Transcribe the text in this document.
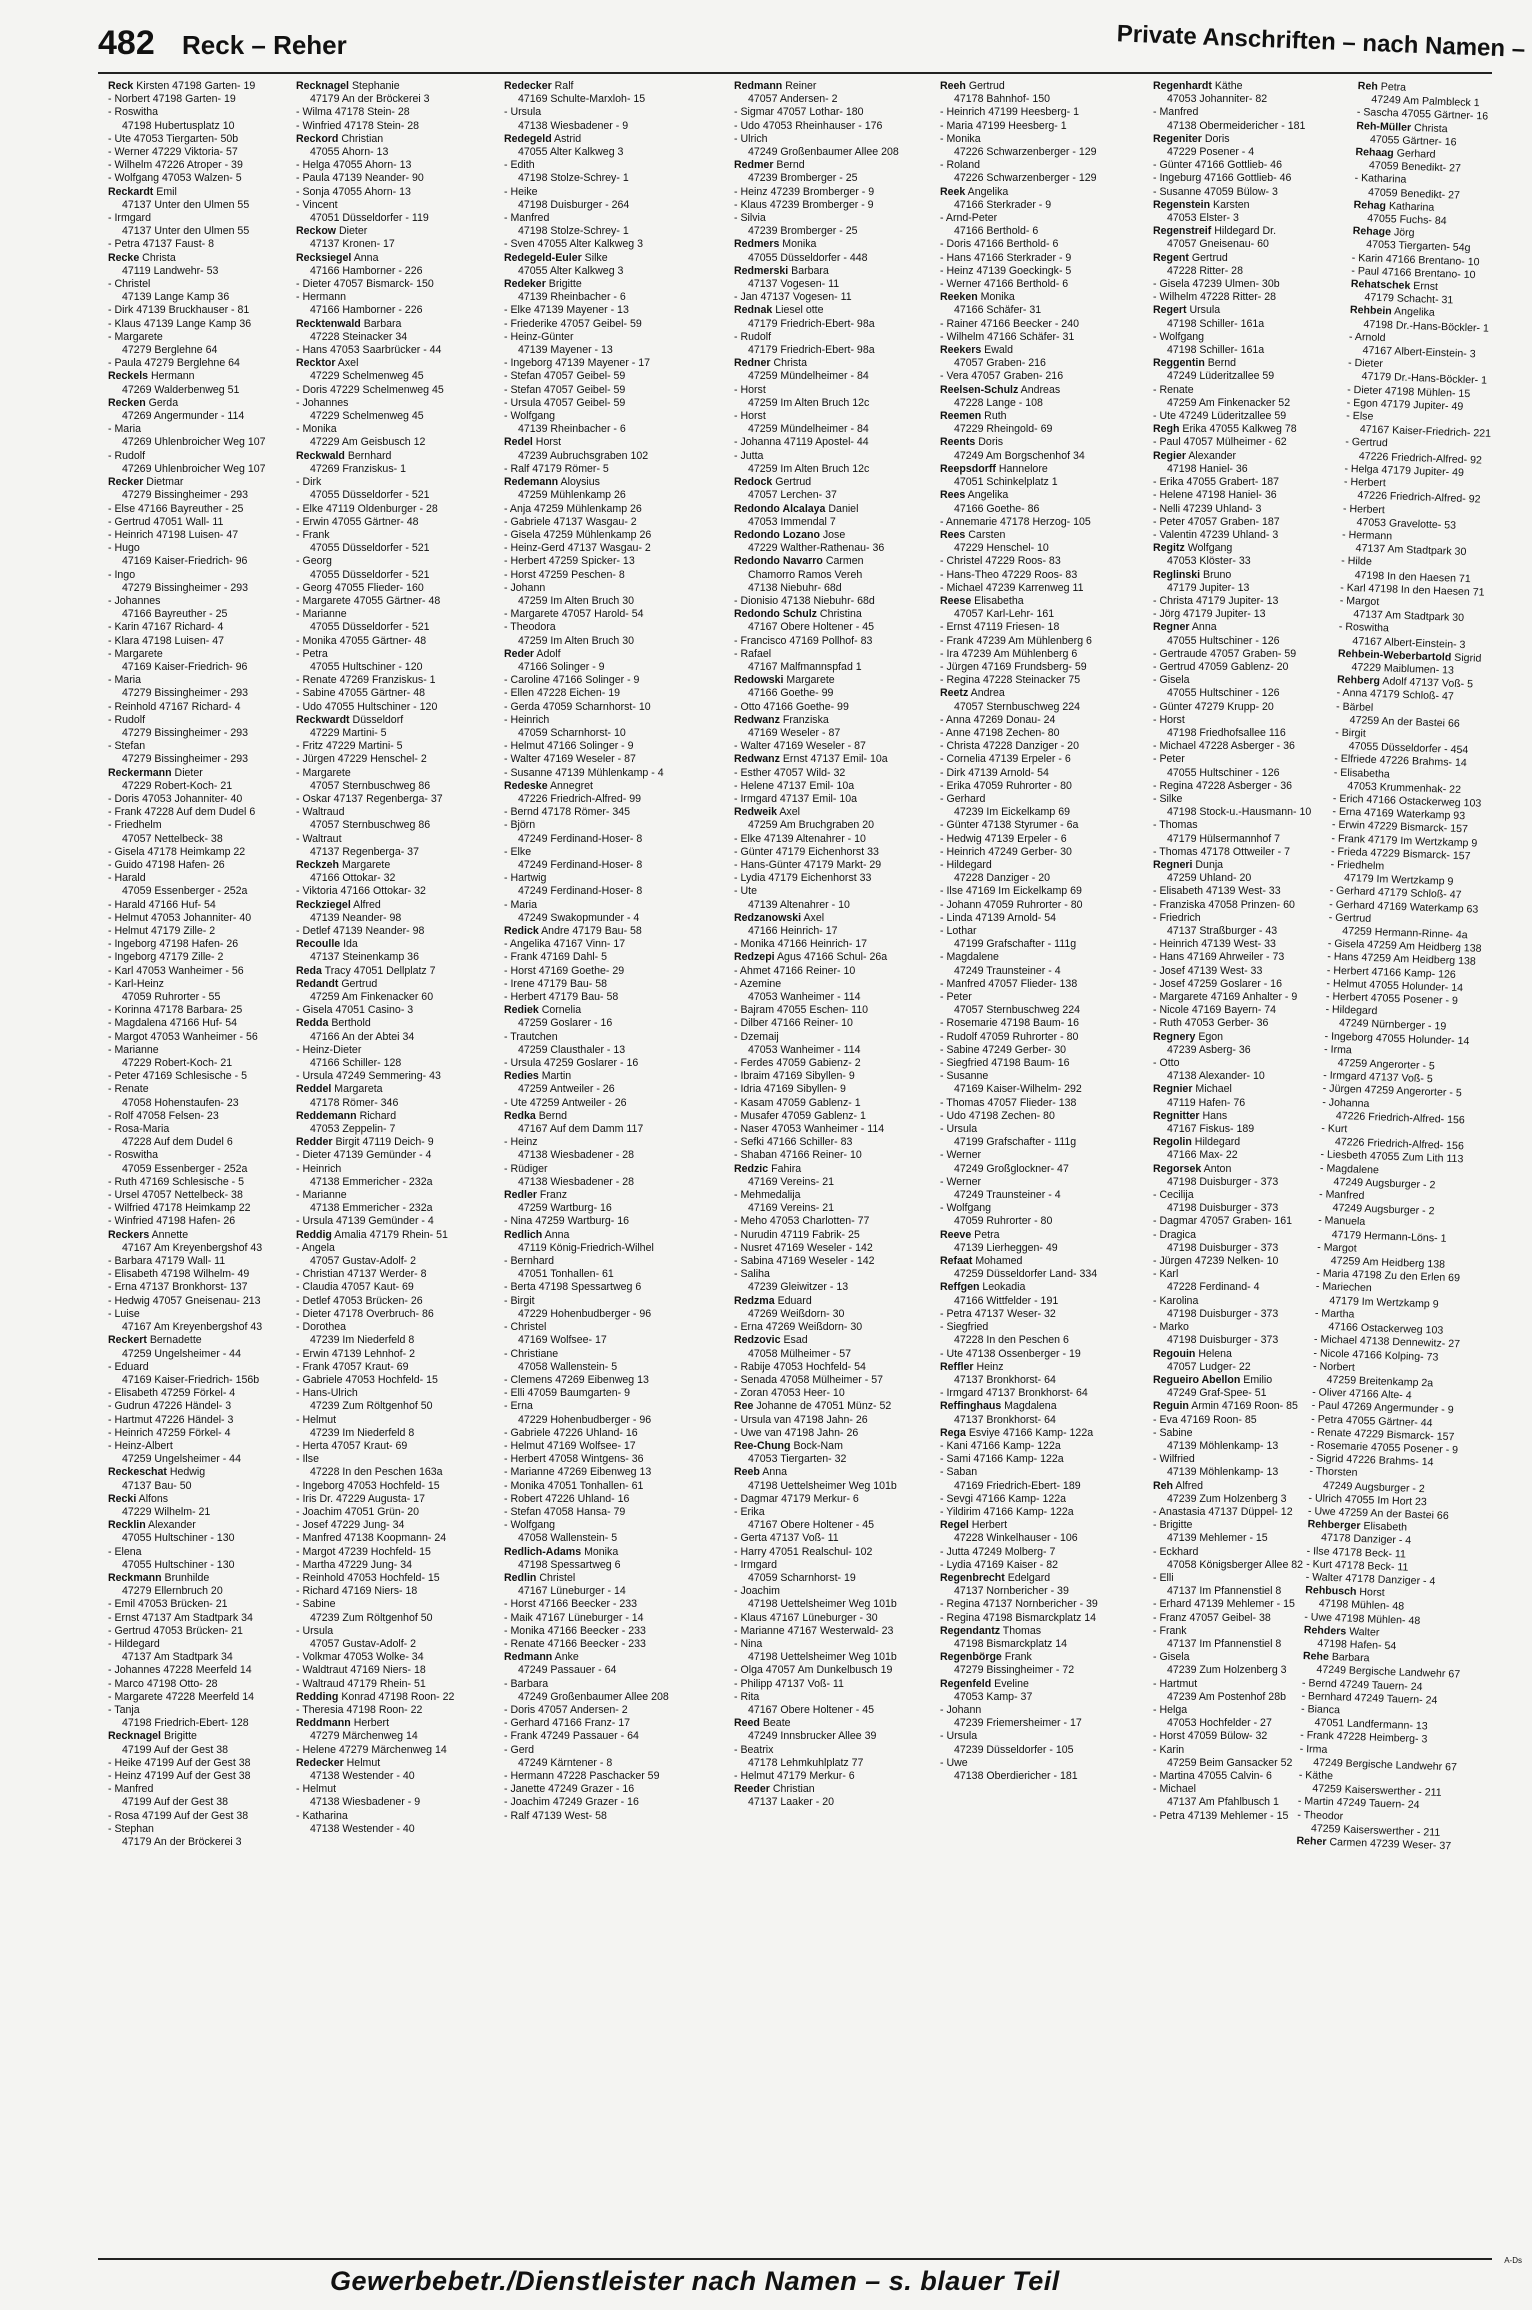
482 Reck – Reher	Private Anschriften – nach Namen –
Reck Kirsten 47198 Garten- 19
- Norbert 47198 Garten- 19
- Roswitha
47198 Hubertusplatz 10
- Ute 47053 Tiergarten- 50b
- Werner 47229 Viktoria- 57
- Wilhelm 47226 Atroper - 39
- Wolfgang 47053 Walzen- 5
Reckardt Emil
47137 Unter den Ulmen 55
- Irmgard
47137 Unter den Ulmen 55
- Petra 47137 Faust- 8
Recke Christa
47119 Landwehr- 53
- Christel
47139 Lange Kamp 36
- Dirk 47139 Bruckhauser - 81
- Klaus 47139 Lange Kamp 36
- Margarete
47279 Berglehne 64
- Paula 47279 Berglehne 64
Reckels Hermann
47269 Walderbenweg 51
Recken Gerda
47269 Angermunder - 114
- Maria
47269 Uhlenbroicher Weg 107
- Rudolf
47269 Uhlenbroicher Weg 107
Recker Dietmar
47279 Bissingheimer - 293
- Else 47166 Bayreuther - 25
- Gertrud 47051 Wall- 11
- Heinrich 47198 Luisen- 47
- Hugo
47169 Kaiser-Friedrich- 96
- Ingo
47279 Bissingheimer - 293
- Johannes
47166 Bayreuther - 25
- Karin 47167 Richard- 4
- Klara 47198 Luisen- 47
- Margarete
47169 Kaiser-Friedrich- 96
- Maria
47279 Bissingheimer - 293
- Reinhold 47167 Richard- 4
- Rudolf
47279 Bissingheimer - 293
- Stefan
47279 Bissingheimer - 293
Reckermann Dieter
47229 Robert-Koch- 21
- Doris 47053 Johanniter- 40
- Frank 47228 Auf dem Dudel 6
- Friedhelm
47057 Nettelbeck- 38
- Gisela 47178 Heimkamp 22
- Guido 47198 Hafen- 26
- Harald
47059 Essenberger - 252a
- Harald 47166 Huf- 54
- Helmut 47053 Johanniter- 40
- Helmut 47179 Zille- 2
- Ingeborg 47198 Hafen- 26
- Ingeborg 47179 Zille- 2
- Karl 47053 Wanheimer - 56
- Karl-Heinz
47059 Ruhrorter - 55
- Korinna 47178 Barbara- 25
- Magdalena 47166 Huf- 54
- Margot 47053 Wanheimer - 56
- Marianne
47229 Robert-Koch- 21
- Peter 47169 Schlesische - 5
- Renate
47058 Hohenstaufen- 23
- Rolf 47058 Felsen- 23
- Rosa-Maria
47228 Auf dem Dudel 6
- Roswitha
47059 Essenberger - 252a
- Ruth 47169 Schlesische - 5
- Ursel 47057 Nettelbeck- 38
- Wilfried 47178 Heimkamp 22
- Winfried 47198 Hafen- 26
Reckers Annette
47167 Am Kreyenbergshof 43
- Barbara 47179 Wall- 11
- Elisabeth 47198 Wilhelm- 49
- Erna 47137 Bronkhorst- 137
- Hedwig 47057 Gneisenau- 213
- Luise
47167 Am Kreyenbergshof 43
Reckert Bernadette
47259 Ungelsheimer - 44
- Eduard
47169 Kaiser-Friedrich- 156b
- Elisabeth 47259 Förkel- 4
- Gudrun 47226 Händel- 3
- Hartmut 47226 Händel- 3
- Heinrich 47259 Förkel- 4
- Heinz-Albert
47259 Ungelsheimer - 44
Reckeschat Hedwig
47137 Bau- 50
Recki Alfons
47229 Wilhelm- 21
Recklin Alexander
47055 Hultschiner - 130
- Elena
47055 Hultschiner - 130
Reckmann Brunhilde
47279 Ellernbruch 20
- Emil 47053 Brücken- 21
- Ernst 47137 Am Stadtpark 34
- Gertrud 47053 Brücken- 21
- Hildegard
47137 Am Stadtpark 34
- Johannes 47228 Meerfeld 14
- Marco 47198 Otto- 28
- Margarete 47228 Meerfeld 14
- Tanja
47198 Friedrich-Ebert- 128
Recknagel Brigitte
47199 Auf der Gest 38
- Heike 47199 Auf der Gest 38
- Heinz 47199 Auf der Gest 38
- Manfred
47199 Auf der Gest 38
- Rosa 47199 Auf der Gest 38
- Stephan
47179 An der Bröckerei 3
Recknagel Stephanie
47179 An der Bröckerei 3
- Wilma 47178 Stein- 28
- Winfried 47178 Stein- 28
Reckord Christian
47055 Ahorn- 13
- Helga 47055 Ahorn- 13
- Paula 47139 Neander- 90
- Sonja 47055 Ahorn- 13
- Vincent
47051 Düsseldorfer - 119
Reckow Dieter
47137 Kronen- 17
Recksiegel Anna
47166 Hamborner - 226
- Dieter 47057 Bismarck- 150
- Hermann
47166 Hamborner - 226
Recktenwald Barbara
47228 Steinacker 34
- Hans 47053 Saarbrücker - 44
Recktor Axel
47229 Schelmenweg 45
- Doris 47229 Schelmenweg 45
- Johannes
47229 Schelmenweg 45
- Monika
47229 Am Geisbusch 12
Reckwald Bernhard
47269 Franziskus- 1
- Dirk
47055 Düsseldorfer - 521
- Elke 47119 Oldenburger - 28
- Erwin 47055 Gärtner- 48
- Frank
47055 Düsseldorfer - 521
- Georg
47055 Düsseldorfer - 521
- Georg 47055 Flieder- 160
- Margarete 47055 Gärtner- 48
- Marianne
47055 Düsseldorfer - 521
- Monika 47055 Gärtner- 48
- Petra
47055 Hultschiner - 120
- Renate 47269 Franziskus- 1
- Sabine 47055 Gärtner- 48
- Udo 47055 Hultschiner - 120
Reckwardt Düsseldorf
47229 Martini- 5
- Fritz 47229 Martini- 5
- Jürgen 47229 Henschel- 2
- Margarete
47057 Sternbuschweg 86
- Oskar 47137 Regenberga- 37
- Waltraud
47057 Sternbuschweg 86
- Waltraut
47137 Regenberga- 37
Reckzeh Margarete
47166 Ottokar- 32
- Viktoria 47166 Ottokar- 32
Reckziegel Alfred
47139 Neander- 98
- Detlef 47139 Neander- 98
Recoulle Ida
47137 Steinenkamp 36
Reda Tracy 47051 Dellplatz 7
Redandt Gertrud
47259 Am Finkenacker 60
- Gisela 47051 Casino- 3
Redda Berthold
47166 An der Abtei 34
- Heinz-Dieter
47166 Schiller- 128
- Ursula 47249 Semmering- 43
Reddel Margareta
47178 Römer- 346
Reddemann Richard
47053 Zeppelin- 7
Redder Birgit 47119 Deich- 9
- Dieter 47139 Gemünder - 4
- Heinrich
47138 Emmericher - 232a
- Marianne
47138 Emmericher - 232a
- Ursula 47139 Gemünder - 4
Reddig Amalia 47179 Rhein- 51
- Angela
47057 Gustav-Adolf- 2
- Christian 47137 Werder- 8
- Claudia 47057 Kaut- 69
- Detlef 47053 Brücken- 26
- Dieter 47178 Overbruch- 86
- Dorothea
47239 Im Niederfeld 8
- Erwin 47139 Lehnhof- 2
- Frank 47057 Kraut- 69
- Gabriele 47053 Hochfeld- 15
- Hans-Ulrich
47239 Zum Röltgenhof 50
- Helmut
47239 Im Niederfeld 8
- Herta 47057 Kraut- 69
- Ilse
47228 In den Peschen 163a
- Ingeborg 47053 Hochfeld- 15
- Iris Dr. 47229 Augusta- 17
- Joachim 47051 Grün- 20
- Josef 47229 Jung- 34
- Manfred 47138 Koopmann- 24
- Margot 47239 Hochfeld- 15
- Martha 47229 Jung- 34
- Reinhold 47053 Hochfeld- 15
- Richard 47169 Niers- 18
- Sabine
47239 Zum Röltgenhof 50
- Ursula
47057 Gustav-Adolf- 2
- Volkmar 47053 Wolke- 34
- Waldtraut 47169 Niers- 18
- Waltraud 47179 Rhein- 51
Redding Konrad 47198 Roon- 22
- Theresia 47198 Roon- 22
Reddmann Herbert
47279 Märchenweg 14
- Helene 47279 Märchenweg 14
Redecker Helmut
47138 Westender - 40
- Helmut
47138 Wiesbadener - 9
- Katharina
47138 Westender - 40
Redecker Ralf
47169 Schulte-Marxloh- 15
- Ursula
47138 Wiesbadener - 9
Redegeld Astrid
47055 Alter Kalkweg 3
- Edith
47198 Stolze-Schrey- 1
- Heike
47198 Duisburger - 264
- Manfred
47198 Stolze-Schrey- 1
- Sven 47055 Alter Kalkweg 3
Redegeld-Euler Silke
47055 Alter Kalkweg 3
Redeker Brigitte
47139 Rheinbacher - 6
- Elke 47139 Mayener - 13
- Friederike 47057 Geibel- 59
- Heinz-Günter
47139 Mayener - 13
- Ingeborg 47139 Mayener - 17
- Stefan 47057 Geibel- 59
- Stefan 47057 Geibel- 59
- Ursula 47057 Geibel- 59
- Wolfgang
47139 Rheinbacher - 6
Redel Horst
47239 Aubruchsgraben 102
- Ralf 47179 Römer- 5
Redemann Aloysius
47259 Mühlenkamp 26
- Anja 47259 Mühlenkamp 26
- Gabriele 47137 Wasgau- 2
- Gisela 47259 Mühlenkamp 26
- Heinz-Gerd 47137 Wasgau- 2
- Herbert 47259 Spicker- 13
- Horst 47259 Peschen- 8
- Johann
47259 Im Alten Bruch 30
- Margarete 47057 Harold- 54
- Theodora
47259 Im Alten Bruch 30
Reder Adolf
47166 Solinger - 9
- Caroline 47166 Solinger - 9
- Ellen 47228 Eichen- 19
- Gerda 47059 Scharnhorst- 10
- Heinrich
47059 Scharnhorst- 10
- Helmut 47166 Solinger - 9
- Walter 47169 Weseler - 87
- Susanne 47139 Mühlenkamp - 4
Redeske Annegret
47226 Friedrich-Alfred- 99
- Bernd 47178 Römer- 345
- Björn
47249 Ferdinand-Hoser- 8
- Elke
47249 Ferdinand-Hoser- 8
- Hartwig
47249 Ferdinand-Hoser- 8
- Maria
47249 Swakopmunder - 4
Redick Andre 47179 Bau- 58
- Angelika 47167 Vinn- 17
- Frank 47169 Dahl- 5
- Horst 47169 Goethe- 29
- Irene 47179 Bau- 58
- Herbert 47179 Bau- 58
Rediek Cornelia
47259 Goslarer - 16
- Trautchen
47259 Clausthaler - 13
- Ursula 47259 Goslarer - 16
Redies Martin
47259 Antweiler - 26
- Ute 47259 Antweiler - 26
Redka Bernd
47167 Auf dem Damm 117
- Heinz
47138 Wiesbadener - 28
- Rüdiger
47138 Wiesbadener - 28
Redler Franz
47259 Wartburg- 16
- Nina 47259 Wartburg- 16
Redlich Anna
47119 König-Friedrich-Wilhel
- Bernhard
47051 Tonhallen- 61
- Berta 47198 Spessartweg 6
- Birgit
47229 Hohenbudberger - 96
- Christel
47169 Wolfsee- 17
- Christiane
47058 Wallenstein- 5
- Clemens 47269 Eibenweg 13
- Elli 47059 Baumgarten- 9
- Erna
47229 Hohenbudberger - 96
- Gabriele 47226 Uhland- 16
- Helmut 47169 Wolfsee- 17
- Herbert 47058 Wintgens- 36
- Marianne 47269 Eibenweg 13
- Monika 47051 Tonhallen- 61
- Robert 47226 Uhland- 16
- Stefan 47058 Hansa- 79
- Wolfgang
47058 Wallenstein- 5
Redlich-Adams Monika
47198 Spessartweg 6
Redlin Christel
47167 Lüneburger - 14
- Horst 47166 Beecker - 233
- Maik 47167 Lüneburger - 14
- Monika 47166 Beecker - 233
- Renate 47166 Beecker - 233
Redmann Anke
47249 Passauer - 64
- Barbara
47249 Großenbaumer Allee 208
- Doris 47057 Andersen- 2
- Gerhard 47166 Franz- 17
- Frank 47249 Passauer - 64
- Gerd
47249 Kärntener - 8
- Hermann 47228 Paschacker 59
- Janette 47249 Grazer - 16
- Joachim 47249 Grazer - 16
- Ralf 47139 West- 58
Redmann Reiner
47057 Andersen- 2
- Sigmar 47057 Lothar- 180
- Udo 47053 Rheinhauser - 176
- Ulrich
47249 Großenbaumer Allee 208
Redmer Bernd
47239 Bromberger - 25
- Heinz 47239 Bromberger - 9
- Klaus 47239 Bromberger - 9
- Silvia
47239 Bromberger - 25
Redmers Monika
47055 Düsseldorfer - 448
Redmerski Barbara
47137 Vogesen- 11
- Jan 47137 Vogesen- 11
Rednak Liesel otte
47179 Friedrich-Ebert- 98a
- Rudolf
47179 Friedrich-Ebert- 98a
Redner Christa
47259 Mündelheimer - 84
- Horst
47259 Im Alten Bruch 12c
- Horst
47259 Mündelheimer - 84
- Johanna 47119 Apostel- 44
- Jutta
47259 Im Alten Bruch 12c
Redock Gertrud
47057 Lerchen- 37
Redondo Alcalaya Daniel
47053 Immendal 7
Redondo Lozano Jose
47229 Walther-Rathenau- 36
Redondo Navarro Carmen
Chamorro Ramos Vereh
47138 Niebuhr- 68d
- Dionisio 47138 Niebuhr- 68d
Redondo Schulz Christina
47167 Obere Holtener - 45
- Francisco 47169 Pollhof- 83
- Rafael
47167 Malfmannspfad 1
Redowski Margarete
47166 Goethe- 99
- Otto 47166 Goethe- 99
Redwanz Franziska
47169 Weseler - 87
- Walter 47169 Weseler - 87
Redwanz Ernst 47137 Emil- 10a
- Esther 47057 Wild- 32
- Helene 47137 Emil- 10a
- Irmgard 47137 Emil- 10a
Redweik Axel
47259 Am Bruchgraben 20
- Elke 47139 Altenahrer - 10
- Günter 47179 Eichenhorst 33
- Hans-Günter 47179 Markt- 29
- Lydia 47179 Eichenhorst 33
- Ute
47139 Altenahrer - 10
Redzanowski Axel
47166 Heinrich- 17
- Monika 47166 Heinrich- 17
Redzepi Agus 47166 Schul- 26a
- Ahmet 47166 Reiner- 10
- Azemine
47053 Wanheimer - 114
- Bajram 47055 Eschen- 110
- Dilber 47166 Reiner- 10
- Dzemaij
47053 Wanheimer - 114
- Ferdes 47059 Gabienz- 2
- Ibraim 47169 Sibyllen- 9
- Idria 47169 Sibyllen- 9
- Kasam 47059 Gablenz- 1
- Musafer 47059 Gablenz- 1
- Naser 47053 Wanheimer - 114
- Sefki 47166 Schiller- 83
- Shaban 47166 Reiner- 10
Redzic Fahira
47169 Vereins- 21
- Mehmedalija
47169 Vereins- 21
- Meho 47053 Charlotten- 77
- Nurudin 47119 Fabrik- 25
- Nusret 47169 Weseler - 142
- Sabina 47169 Weseler - 142
- Saliha
47239 Gleiwitzer - 13
Redzma Eduard
47269 Weißdorn- 30
- Erna 47269 Weißdorn- 30
Redzovic Esad
47058 Mülheimer - 57
- Rabije 47053 Hochfeld- 54
- Senada 47058 Mülheimer - 57
- Zoran 47053 Heer- 10
Ree Johanne de 47051 Münz- 52
- Ursula van 47198 Jahn- 26
- Uwe van 47198 Jahn- 26
Ree-Chung Bock-Nam
47053 Tiergarten- 32
Reeb Anna
47198 Uettelsheimer Weg 101b
- Dagmar 47179 Merkur- 6
- Erika
47167 Obere Holtener - 45
- Gerta 47137 Voß- 11
- Harry 47051 Realschul- 102
- Irmgard
47059 Scharnhorst- 19
- Joachim
47198 Uettelsheimer Weg 101b
- Klaus 47167 Lüneburger - 30
- Marianne 47167 Westerwald- 23
- Nina
47198 Uettelsheimer Weg 101b
- Olga 47057 Am Dunkelbusch 19
- Philipp 47137 Voß- 11
- Rita
47167 Obere Holtener - 45
Reed Beate
47249 Innsbrucker Allee 39
- Beatrix
47178 Lehmkuhlplatz 77
- Helmut 47179 Merkur- 6
Reeder Christian
47137 Laaker - 20
Reeh Gertrud
47178 Bahnhof- 150
- Heinrich 47199 Heesberg- 1
- Maria 47199 Heesberg- 1
- Monika
47226 Schwarzenberger - 129
- Roland
47226 Schwarzenberger - 129
Reek Angelika
47166 Sterkrader - 9
- Arnd-Peter
47166 Berthold- 6
- Doris 47166 Berthold- 6
- Hans 47166 Sterkrader - 9
- Heinz 47139 Goeckingk- 5
- Werner 47166 Berthold- 6
Reeken Monika
47166 Schäfer- 31
- Rainer 47166 Beecker - 240
- Wilhelm 47166 Schäfer- 31
Reekers Ewald
47057 Graben- 216
- Vera 47057 Graben- 216
Reelsen-Schulz Andreas
47228 Lange - 108
Reemen Ruth
47229 Rheingold- 69
Reents Doris
47249 Am Borgschenhof 34
Reepsdorff Hannelore
47051 Schinkelplatz 1
Rees Angelika
47166 Goethe- 86
- Annemarie 47178 Herzog- 105
Rees Carsten
47229 Henschel- 10
- Christel 47229 Roos- 83
- Hans-Theo 47229 Roos- 83
- Michael 47239 Karrenweg 11
Reese Elisabetha
47057 Karl-Lehr- 161
- Ernst 47119 Friesen- 18
- Frank 47239 Am Mühlenberg 6
- Ira 47239 Am Mühlenberg 6
- Jürgen 47169 Frundsberg- 59
- Regina 47228 Steinacker 75
Reetz Andrea
47057 Sternbuschweg 224
- Anna 47269 Donau- 24
- Anne 47198 Zechen- 80
- Christa 47228 Danziger - 20
- Cornelia 47139 Erpeler - 6
- Dirk 47139 Arnold- 54
- Erika 47059 Ruhrorter - 80
- Gerhard
47239 Im Eickelkamp 69
- Günter 47138 Styrumer - 6a
- Hedwig 47139 Erpeler - 6
- Heinrich 47249 Gerber- 30
- Hildegard
47228 Danziger - 20
- Ilse 47169 Im Eickelkamp 69
- Johann 47059 Ruhrorter - 80
- Linda 47139 Arnold- 54
- Lothar
47199 Grafschafter - 111g
- Magdalene
47249 Traunsteiner - 4
- Manfred 47057 Flieder- 138
- Peter
47057 Sternbuschweg 224
- Rosemarie 47198 Baum- 16
- Rudolf 47059 Ruhrorter - 80
- Sabine 47249 Gerber- 30
- Siegfried 47198 Baum- 16
- Susanne
47169 Kaiser-Wilhelm- 292
- Thomas 47057 Flieder- 138
- Udo 47198 Zechen- 80
- Ursula
47199 Grafschafter - 111g
- Werner
47249 Großglockner- 47
- Werner
47249 Traunsteiner - 4
- Wolfgang
47059 Ruhrorter - 80
Reeve Petra
47139 Lierheggen- 49
Refaat Mohamed
47259 Düsseldorfer Land- 334
Reffgen Leokadia
47166 Wittfelder - 191
- Petra 47137 Weser- 32
- Siegfried
47228 In den Peschen 6
- Ute 47138 Ossenberger - 19
Reffler Heinz
47137 Bronkhorst- 64
- Irmgard 47137 Bronkhorst- 64
Reffinghaus Magdalena
47137 Bronkhorst- 64
Rega Esviye 47166 Kamp- 122a
- Kani 47166 Kamp- 122a
- Sami 47166 Kamp- 122a
- Saban
47169 Friedrich-Ebert- 189
- Sevgi 47166 Kamp- 122a
- Yildirim 47166 Kamp- 122a
Regel Herbert
47228 Winkelhauser - 106
- Jutta 47249 Molberg- 7
- Lydia 47169 Kaiser - 82
Regenbrecht Edelgard
47137 Nornbericher - 39
- Regina 47137 Nornbericher - 39
- Regina 47198 Bismarckplatz 14
Regendantz Thomas
47198 Bismarckplatz 14
Regenbörge Frank
47279 Bissingheimer - 72
Regenfeld Eveline
47053 Kamp- 37
- Johann
47239 Friemersheimer - 17
- Ursula
47239 Düsseldorfer - 105
- Uwe
47138 Oberdiericher - 181
Regenhardt Käthe
47053 Johanniter- 82
- Manfred
47138 Obermeidericher - 181
Regeniter Doris
47229 Posener - 4
- Günter 47166 Gottlieb- 46
- Ingeburg 47166 Gottlieb- 46
- Susanne 47059 Bülow- 3
Regenstein Karsten
47053 Elster- 3
Regenstreif Hildegard Dr.
47057 Gneisenau- 60
Regent Gertrud
47228 Ritter- 28
- Gisela 47239 Ulmen- 30b
- Wilhelm 47228 Ritter- 28
Regert Ursula
47198 Schiller- 161a
- Wolfgang
47198 Schiller- 161a
Reggentin Bernd
47249 Lüderitzallee 59
- Renate
47259 Am Finkenacker 52
- Ute 47249 Lüderitzallee 59
Regh Erika 47055 Kalkweg 78
- Paul 47057 Mülheimer - 62
Regier Alexander
47198 Haniel- 36
- Erika 47055 Grabert- 187
- Helene 47198 Haniel- 36
- Nelli 47239 Uhland- 3
- Peter 47057 Graben- 187
- Valentin 47239 Uhland- 3
Regitz Wolfgang
47053 Klöster- 33
Reglinski Bruno
47179 Jupiter- 13
- Christa 47179 Jupiter- 13
- Jörg 47179 Jupiter- 13
Regner Anna
47055 Hultschiner - 126
- Gertraude 47057 Graben- 59
- Gertrud 47059 Gablenz- 20
- Gisela
47055 Hultschiner - 126
- Günter 47279 Krupp- 20
- Horst
47198 Friedhofsallee 116
- Michael 47228 Asberger - 36
- Peter
47055 Hultschiner - 126
- Regina 47228 Asberger - 36
- Silke
47198 Stock-u.-Hausmann- 10
- Thomas
47179 Hülsermannhof 7
- Thomas 47178 Ottweiler - 7
Regneri Dunja
47259 Uhland- 20
- Elisabeth 47139 West- 33
- Franziska 47058 Prinzen- 60
- Friedrich
47137 Straßburger - 43
- Heinrich 47139 West- 33
- Hans 47169 Ahrweiler - 73
- Josef 47139 West- 33
- Josef 47259 Goslarer - 16
- Margarete 47169 Anhalter - 9
- Nicole 47169 Bayern- 74
- Ruth 47053 Gerber- 36
Regnery Egon
47239 Asberg- 36
- Otto
47138 Alexander- 10
Regnier Michael
47119 Hafen- 76
Regnitter Hans
47167 Fiskus- 189
Regolin Hildegard
47166 Max- 22
Regorsek Anton
47198 Duisburger - 373
- Cecilija
47198 Duisburger - 373
- Dagmar 47057 Graben- 161
- Dragica
47198 Duisburger - 373
- Jürgen 47239 Nelken- 10
- Karl
47228 Ferdinand- 4
- Karolina
47198 Duisburger - 373
- Marko
47198 Duisburger - 373
Regouin Helena
47057 Ludger- 22
Regueiro Abellon Emilio
47249 Graf-Spee- 51
Reguin Armin 47169 Roon- 85
- Eva 47169 Roon- 85
- Sabine
47139 Möhlenkamp- 13
- Wilfried
47139 Möhlenkamp- 13
Reh Alfred
47239 Zum Holzenberg 3
- Anastasia 47137 Düppel- 12
- Brigitte
47139 Mehlemer - 15
- Eckhard
47058 Königsberger Allee 82
- Elli
47137 Im Pfannenstiel 8
- Erhard 47139 Mehlemer - 15
- Franz 47057 Geibel- 38
- Frank
47137 Im Pfannenstiel 8
- Gisela
47239 Zum Holzenberg 3
- Hartmut
47239 Am Postenhof 28b
- Helga
47053 Hochfelder - 27
- Horst 47059 Bülow- 32
- Karin
47259 Beim Gansacker 52
- Martina 47055 Calvin- 6
- Michael
47137 Am Pfahlbusch 1
- Petra 47139 Mehlemer - 15
Reh Petra
47249 Am Palmbleck 1
- Sascha 47055 Gärtner- 16
Reh-Müller Christa
47055 Gärtner- 16
Rehaag Gerhard
47059 Benedikt- 27
- Katharina
47059 Benedikt- 27
Rehag Katharina
47055 Fuchs- 84
Rehage Jörg
47053 Tiergarten- 54g
- Karin 47166 Brentano- 10
- Paul 47166 Brentano- 10
Rehatschek Ernst
47179 Schacht- 31
Rehbein Angelika
47198 Dr.-Hans-Böckler- 1
- Arnold
47167 Albert-Einstein- 3
- Dieter
47179 Dr.-Hans-Böckler- 1
- Dieter 47198 Mühlen- 15
- Egon 47179 Jupiter- 49
- Else
47167 Kaiser-Friedrich- 221
- Gertrud
47226 Friedrich-Alfred- 92
- Helga 47179 Jupiter- 49
- Herbert
47226 Friedrich-Alfred- 92
- Herbert
47053 Gravelotte- 53
- Hermann
47137 Am Stadtpark 30
- Hilde
47198 In den Haesen 71
- Karl 47198 In den Haesen 71
- Margot
47137 Am Stadtpark 30
- Roswitha
47167 Albert-Einstein- 3
Rehbein-Weberbartold Sigrid
47229 Maiblumen- 13
Rehberg Adolf 47137 Voß- 5
- Anna 47179 Schloß- 47
- Bärbel
47259 An der Bastei 66
- Birgit
47055 Düsseldorfer - 454
- Elfriede 47226 Brahms- 14
- Elisabetha
47053 Krummenhak- 22
- Erich 47166 Ostackerweg 103
- Erna 47169 Waterkamp 93
- Erwin 47229 Bismarck- 157
- Frank 47179 Im Wertzkamp 9
- Frieda 47229 Bismarck- 157
- Friedhelm
47179 Im Wertzkamp 9
- Gerhard 47179 Schloß- 47
- Gerhard 47169 Waterkamp 63
- Gertrud
47259 Hermann-Rinne- 4a
- Gisela 47259 Am Heidberg 138
- Hans 47259 Am Heidberg 138
- Herbert 47166 Kamp- 126
- Helmut 47055 Holunder- 14
- Herbert 47055 Posener - 9
- Hildegard
47249 Nürnberger - 19
- Ingeborg 47055 Holunder- 14
- Irma
47259 Angerorter - 5
- Irmgard 47137 Voß- 5
- Jürgen 47259 Angerorter - 5
- Johanna
47226 Friedrich-Alfred- 156
- Kurt
47226 Friedrich-Alfred- 156
- Liesbeth 47055 Zum Lith 113
- Magdalene
47249 Augsburger - 2
- Manfred
47249 Augsburger - 2
- Manuela
47179 Hermann-Löns- 1
- Margot
47259 Am Heidberg 138
- Maria 47198 Zu den Erlen 69
- Mariechen
47179 Im Wertzkamp 9
- Martha
47166 Ostackerweg 103
- Michael 47138 Dennewitz- 27
- Nicole 47166 Kolping- 73
- Norbert
47259 Breitenkamp 2a
- Oliver 47166 Alte- 4
- Paul 47269 Angermunder - 9
- Petra 47055 Gärtner- 44
- Renate 47229 Bismarck- 157
- Rosemarie 47055 Posener - 9
- Sigrid 47226 Brahms- 14
- Thorsten
47249 Augsburger - 2
- Ulrich 47055 Im Hort 23
- Uwe 47259 An der Bastei 66
Rehberger Elisabeth
47178 Danziger - 4
- Ilse 47178 Beck- 11
- Kurt 47178 Beck- 11
- Walter 47178 Danziger - 4
Rehbusch Horst
47198 Mühlen- 48
- Uwe 47198 Mühlen- 48
Rehders Walter
47198 Hafen- 54
Rehe Barbara
47249 Bergische Landwehr 67
- Bernd 47249 Tauern- 24
- Bernhard 47249 Tauern- 24
- Bianca
47051 Landfermann- 13
- Frank 47228 Heimberg- 3
- Irma
47249 Bergische Landwehr 67
- Käthe
47259 Kaiserswerther - 211
- Martin 47249 Tauern- 24
- Theodor
47259 Kaiserswerther - 211
Reher Carmen 47239 Weser- 37
Gewerbebetr./Dienstleister nach Namen – s. blauer Teil
A-Ds
